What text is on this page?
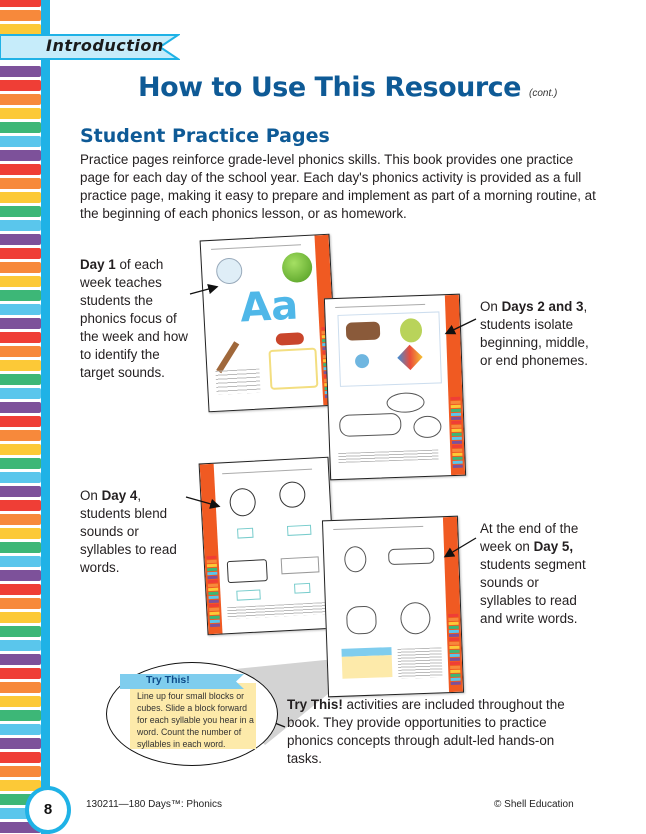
Introduction
How to Use This Resource (cont.)
Student Practice Pages
Practice pages reinforce grade-level phonics skills. This book provides one practice page for each day of the school year. Each day's phonics activity is provided as a full practice page, making it easy to prepare and implement as part of a morning routine, at the beginning of each phonics lesson, or as homework.
Aa
Day 1 of each week teaches students the phonics focus of the week and how to identify the target sounds.
On Days 2 and 3, students isolate beginning, middle, or end phonemes.
On Day 4, students blend sounds or syllables to read words.
At the end of the week on Day 5, students segment sounds or syllables to read and write words.
Try This! activities are included throughout the book. They provide opportunities to practice phonics concepts through adult-led hands-on tasks.
Try This!
Line up four small blocks or cubes. Slide a block forward for each syllable you hear in a word. Count the number of syllables in each word.
8	130211—180 Days™: Phonics	© Shell Education
